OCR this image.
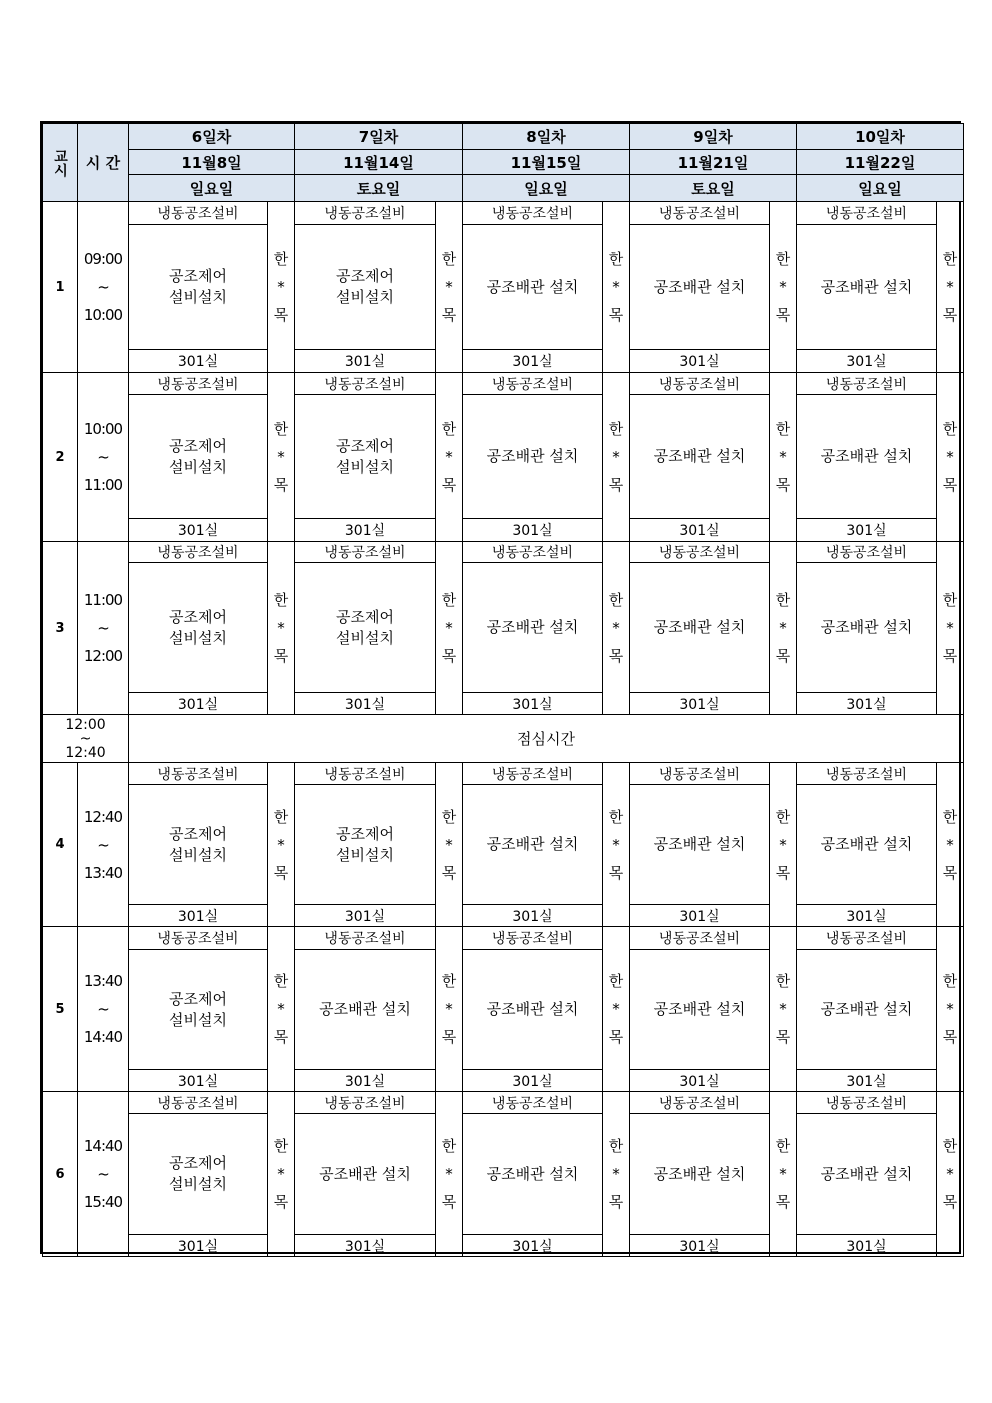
교시	시 간
6일차
11월8일
일요일
7일차
11월14일
토요일
8일차
11월15일
일요일
9일차
11월21일
토요일
10일차
11월22일
일요일
1
09:00
~
10:00
냉동공조설비
공조제어
설비설치
301실
한
*
목
냉동공조설비
공조제어
설비설치
301실
한
*
목
냉동공조설비
공조배관 설치
301실
한
*
목
냉동공조설비
공조배관 설치
301실
한
*
목
냉동공조설비
공조배관 설치
301실
한
*
목
2
10:00
~
11:00
냉동공조설비
공조제어
설비설치
301실
한
*
목
냉동공조설비
공조제어
설비설치
301실
한
*
목
냉동공조설비
공조배관 설치
301실
한
*
목
냉동공조설비
공조배관 설치
301실
한
*
목
냉동공조설비
공조배관 설치
301실
한
*
목
3
11:00
~
12:00
냉동공조설비
공조제어
설비설치
301실
한
*
목
냉동공조설비
공조제어
설비설치
301실
한
*
목
냉동공조설비
공조배관 설치
301실
한
*
목
냉동공조설비
공조배관 설치
301실
한
*
목
냉동공조설비
공조배관 설치
301실
한
*
목
4
12:40
~
13:40
냉동공조설비
공조제어
설비설치
301실
한
*
목
냉동공조설비
공조제어
설비설치
301실
한
*
목
냉동공조설비
공조배관 설치
301실
한
*
목
냉동공조설비
공조배관 설치
301실
한
*
목
냉동공조설비
공조배관 설치
301실
한
*
목
5
13:40
~
14:40
냉동공조설비
공조제어
설비설치
301실
한
*
목
냉동공조설비
공조배관 설치
301실
한
*
목
냉동공조설비
공조배관 설치
301실
한
*
목
냉동공조설비
공조배관 설치
301실
한
*
목
냉동공조설비
공조배관 설치
301실
한
*
목
6
14:40
~
15:40
냉동공조설비
공조제어
설비설치
301실
한
*
목
냉동공조설비
공조배관 설치
301실
한
*
목
냉동공조설비
공조배관 설치
301실
한
*
목
냉동공조설비
공조배관 설치
301실
한
*
목
냉동공조설비
공조배관 설치
301실
한
*
목
12:00
~
12:40
점심시간
